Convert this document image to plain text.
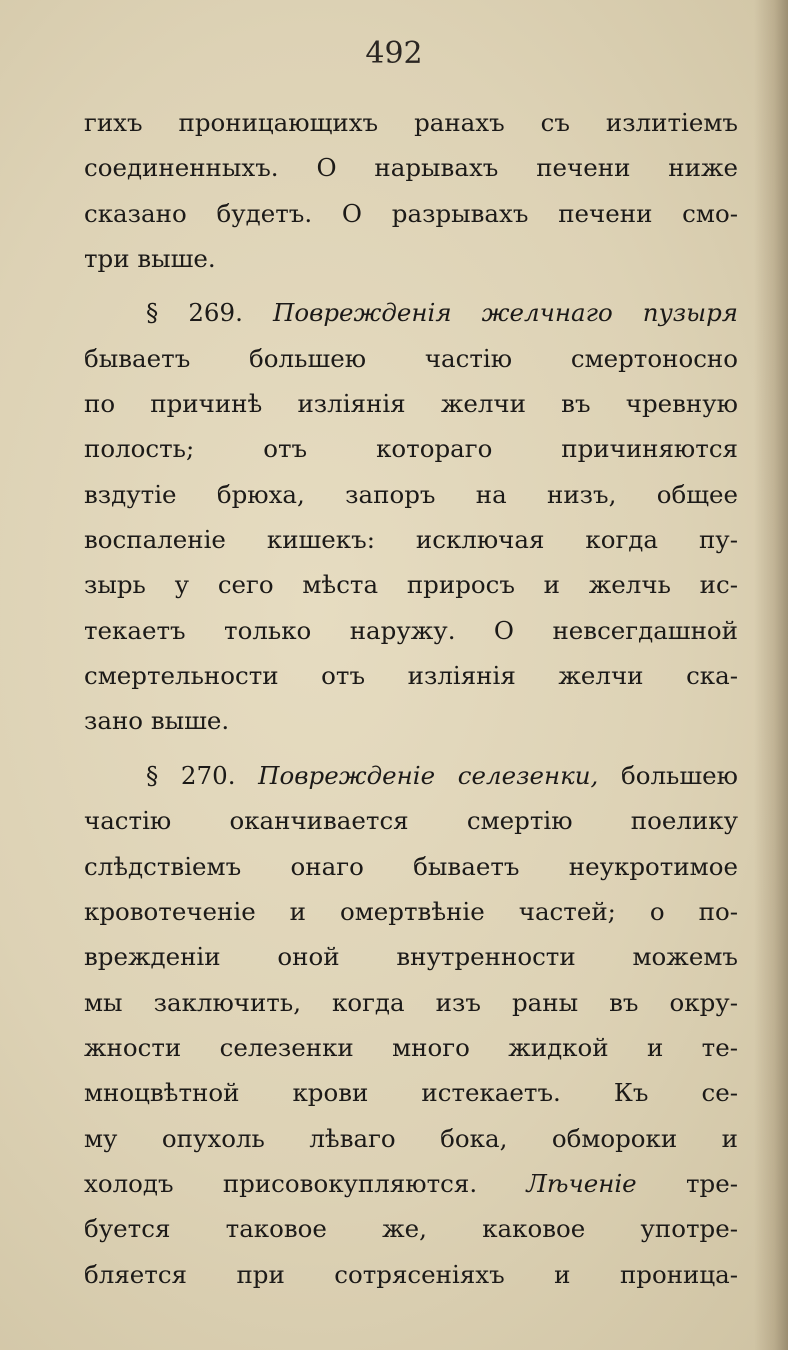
492

гихъ проницающихъ ранахъ съ излитiемъ
соединенныхъ. О нарывахъ печени ниже
сказано будетъ. О разрывахъ печени смо-
три выше.

§ 269. Поврежденiя желчнаго пузыря
бываетъ большею частiю смертоносно
по причинѣ излiянiя желчи въ чревную
полость; отъ котораго причиняются
вздутiе брюха, запоръ на низъ, общее
воспаленiе кишекъ: исключая когда пу-
зырь у сего мѣста приросъ и желчь ис-
текаетъ только наружу. О невсегдашной
смертельности отъ излiянiя желчи ска-
зано выше.

§ 270. Поврежденiе селезенки, большею
частiю оканчивается смертiю поелику
слѣдствiемъ онаго бываетъ неукротимое
кровотеченiе и омертвѣнiе частей; о по-
врежденiи оной внутренности можемъ
мы заключить, когда изъ раны въ окру-
жности селезенки много жидкой и те-
мноцвѣтной крови истекаетъ. Къ се-
му опухоль лѣваго бока, обмороки и
холодъ присовокупляются. Лѣченiе тре-
буется таковое же, каковое употре-
бляется при сотрясенiяхъ и проница-
